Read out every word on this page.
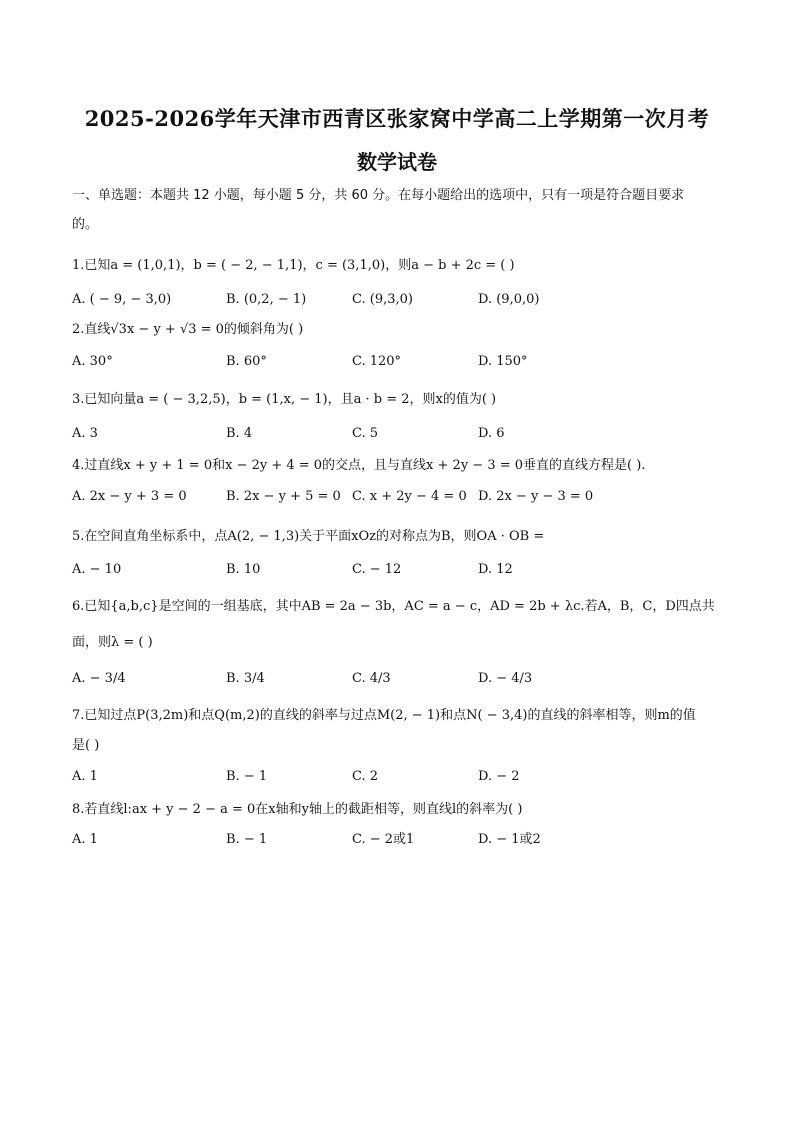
2025-2026学年天津市西青区张家窝中学高二上学期第一次月考
数学试卷
一、单选题：本题共 12 小题，每小题 5 分，共 60 分。在每小题给出的选项中，只有一项是符合题目要求
的。
1.已知a = (1,0,1)，b = ( − 2, − 1,1)，c = (3,1,0)，则a − b + 2c = ( )
A. ( − 9, − 3,0)	B. (0,2, − 1)	C. (9,3,0)	D. (9,0,0)
2.直线√3x − y + √3 = 0的倾斜角为( )
A. 30°	B. 60°	C. 120°	D. 150°
3.已知向量a = ( − 3,2,5)，b = (1,x, − 1)，且a · b = 2，则x的值为( )
A. 3	B. 4	C. 5	D. 6
4.过直线x + y + 1 = 0和x − 2y + 4 = 0的交点，且与直线x + 2y − 3 = 0垂直的直线方程是( ).
A. 2x − y + 3 = 0	B. 2x − y + 5 = 0 C. x + 2y − 4 = 0 D. 2x − y − 3 = 0
5.在空间直角坐标系中，点A(2, − 1,3)关于平面xOz的对称点为B，则OA · OB =
A. − 10	B. 10	C. − 12	D. 12
6.已知{a,b,c}是空间的一组基底，其中AB = 2a − 3b，AC = a − c，AD = 2b + λc.若A，B，C，D四点共
面，则λ = ( )
A. − 3/4	B. 3/4	C. 4/3	D. − 4/3
7.已知过点P(3,2m)和点Q(m,2)的直线的斜率与过点M(2, − 1)和点N( − 3,4)的直线的斜率相等，则m的值
是( )
A. 1	B. − 1	C. 2	D. − 2
8.若直线l:ax + y − 2 − a = 0在x轴和y轴上的截距相等，则直线l的斜率为( )
A. 1	B. − 1	C. − 2或1	D. − 1或2
